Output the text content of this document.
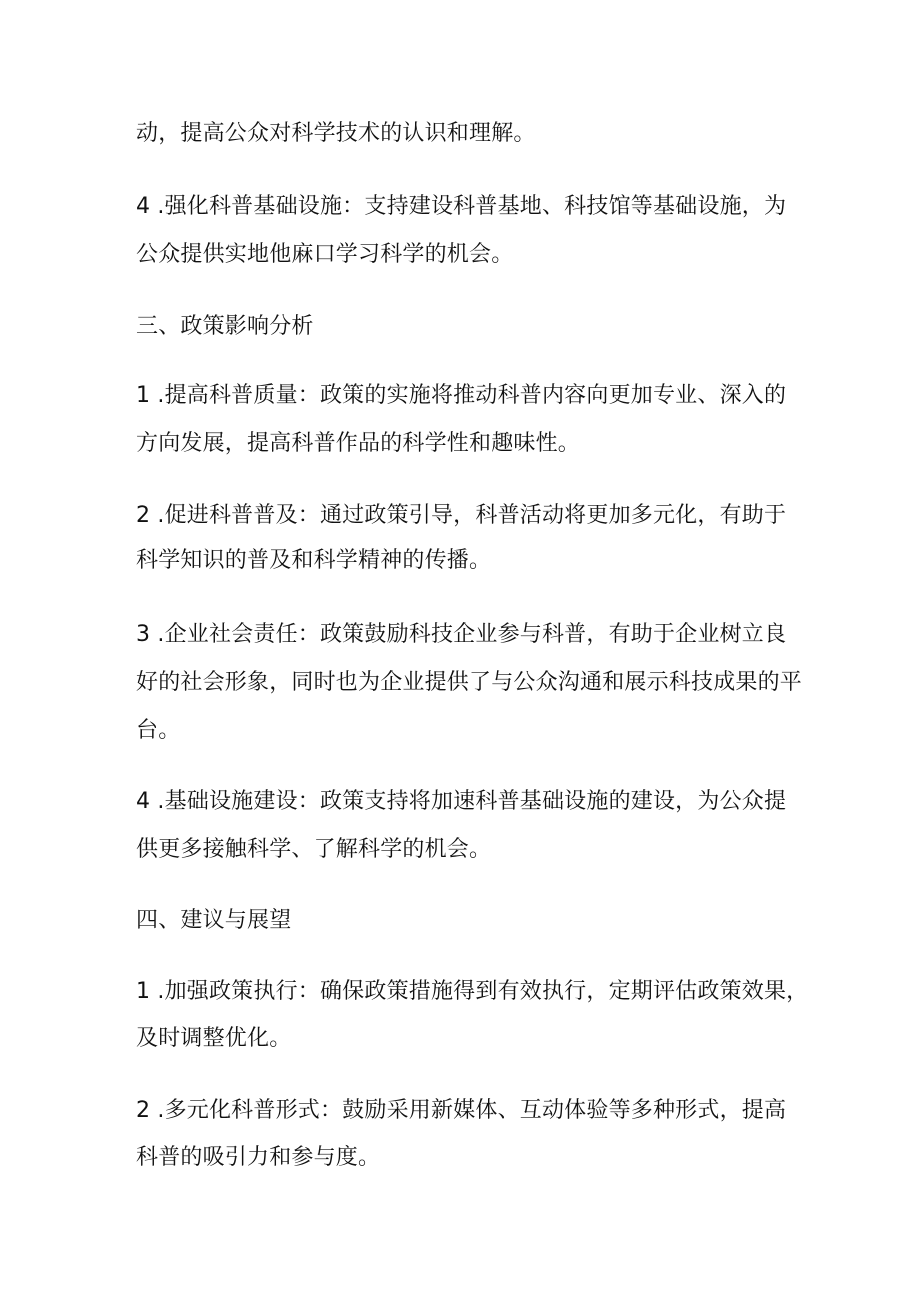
动，提高公众对科学技术的认识和理解。

4 .强化科普基础设施：支持建设科普基地、科技馆等基础设施，为

公众提供实地他麻口学习科学的机会。

三、政策影响分析

1 .提高科普质量：政策的实施将推动科普内容向更加专业、深入的

方向发展，提高科普作品的科学性和趣味性。

2 .促进科普普及：通过政策引导，科普活动将更加多元化，有助于

科学知识的普及和科学精神的传播。

3 .企业社会责任：政策鼓励科技企业参与科普，有助于企业树立良

好的社会形象，同时也为企业提供了与公众沟通和展示科技成果的平

台。

4 .基础设施建设：政策支持将加速科普基础设施的建设，为公众提

供更多接触科学、了解科学的机会。

四、建议与展望

1 .加强政策执行：确保政策措施得到有效执行，定期评估政策效果，

及时调整优化。

2 .多元化科普形式：鼓励采用新媒体、互动体验等多种形式，提高

科普的吸引力和参与度。
